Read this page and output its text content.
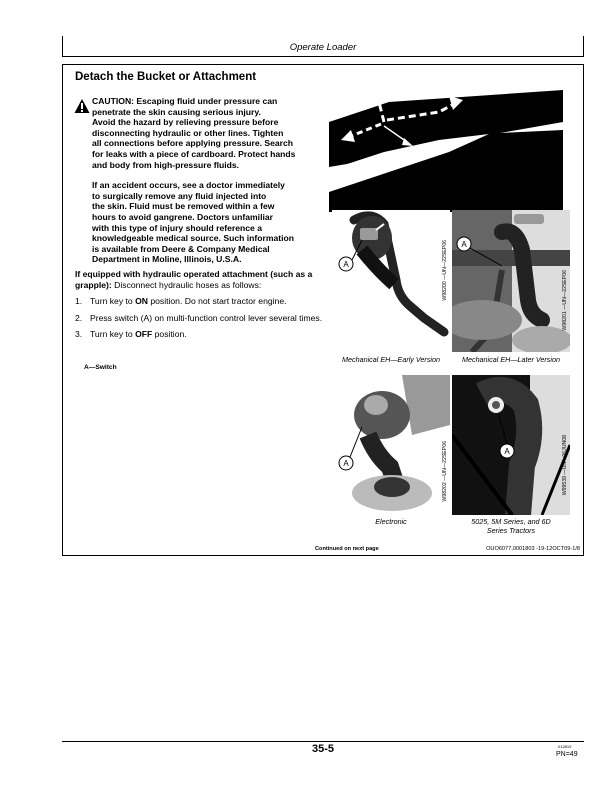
Operate Loader
Detach the Bucket or Attachment

CAUTION: Escaping fluid under pressure can
penetrate the skin causing serious injury.
Avoid the hazard by relieving pressure before
disconnecting hydraulic or other lines. Tighten
all connections before applying pressure. Search
for leaks with a piece of cardboard. Protect hands
and body from high-pressure fluids.

If an accident occurs, see a doctor immediately
to surgically remove any fluid injected into
the skin. Fluid must be removed within a few
hours to avoid gangrene. Doctors unfamiliar
with this type of injury should reference a
knowledgeable medical source. Such information
is available from Deere & Company Medical
Department in Moline, Illinois, U.S.A.

If equipped with hydraulic operated attachment (such as a grapple): Disconnect hydraulic hoses as follows:
1. Turn key to ON position. Do not start tractor engine.
2. Press switch (A) on multi-function control lever several times.
3. Turn key to OFF position.
A—Switch
X9811 —UN—23AUG88
A	W98200 —UN—22SEP06
Mechanical EH—Early Version
A
W98201 —UN—22SEP06
Mechanical EH—Later Version
A	W98202 —UN—22SEP06
Electronic
A	W99539 —UN—06JUN08
5025, 5M Series, and 6D
Series Tractors
Continued on next page	OUO6077,0001803 -19-12OCT09-1/8
35-5	012810
PN=49
